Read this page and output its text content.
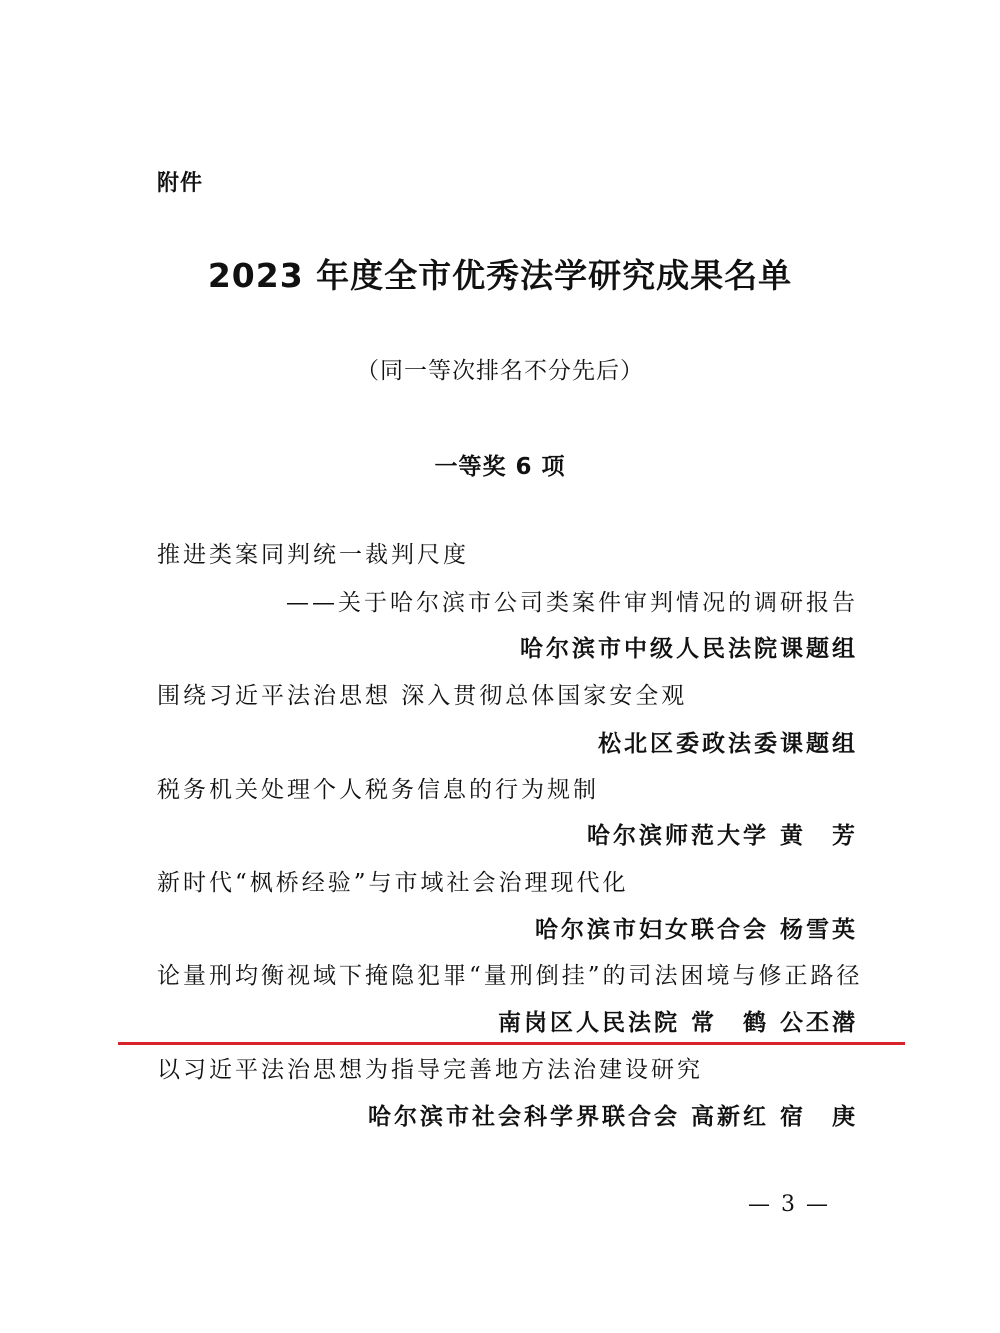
附件
2023 年度全市优秀法学研究成果名单
（同一等次排名不分先后）
一等奖 6 项
推进类案同判统一裁判尺度
——关于哈尔滨市公司类案件审判情况的调研报告
哈尔滨市中级人民法院课题组
围绕习近平法治思想 深入贯彻总体国家安全观
松北区委政法委课题组
税务机关处理个人税务信息的行为规制
哈尔滨师范大学 黄　芳
新时代“枫桥经验”与市域社会治理现代化
哈尔滨市妇女联合会 杨雪英
论量刑均衡视域下掩隐犯罪“量刑倒挂”的司法困境与修正路径
南岗区人民法院 常　鹤 公丕潜
以习近平法治思想为指导完善地方法治建设研究
哈尔滨市社会科学界联合会 高新红 宿　庚
— 3 —
